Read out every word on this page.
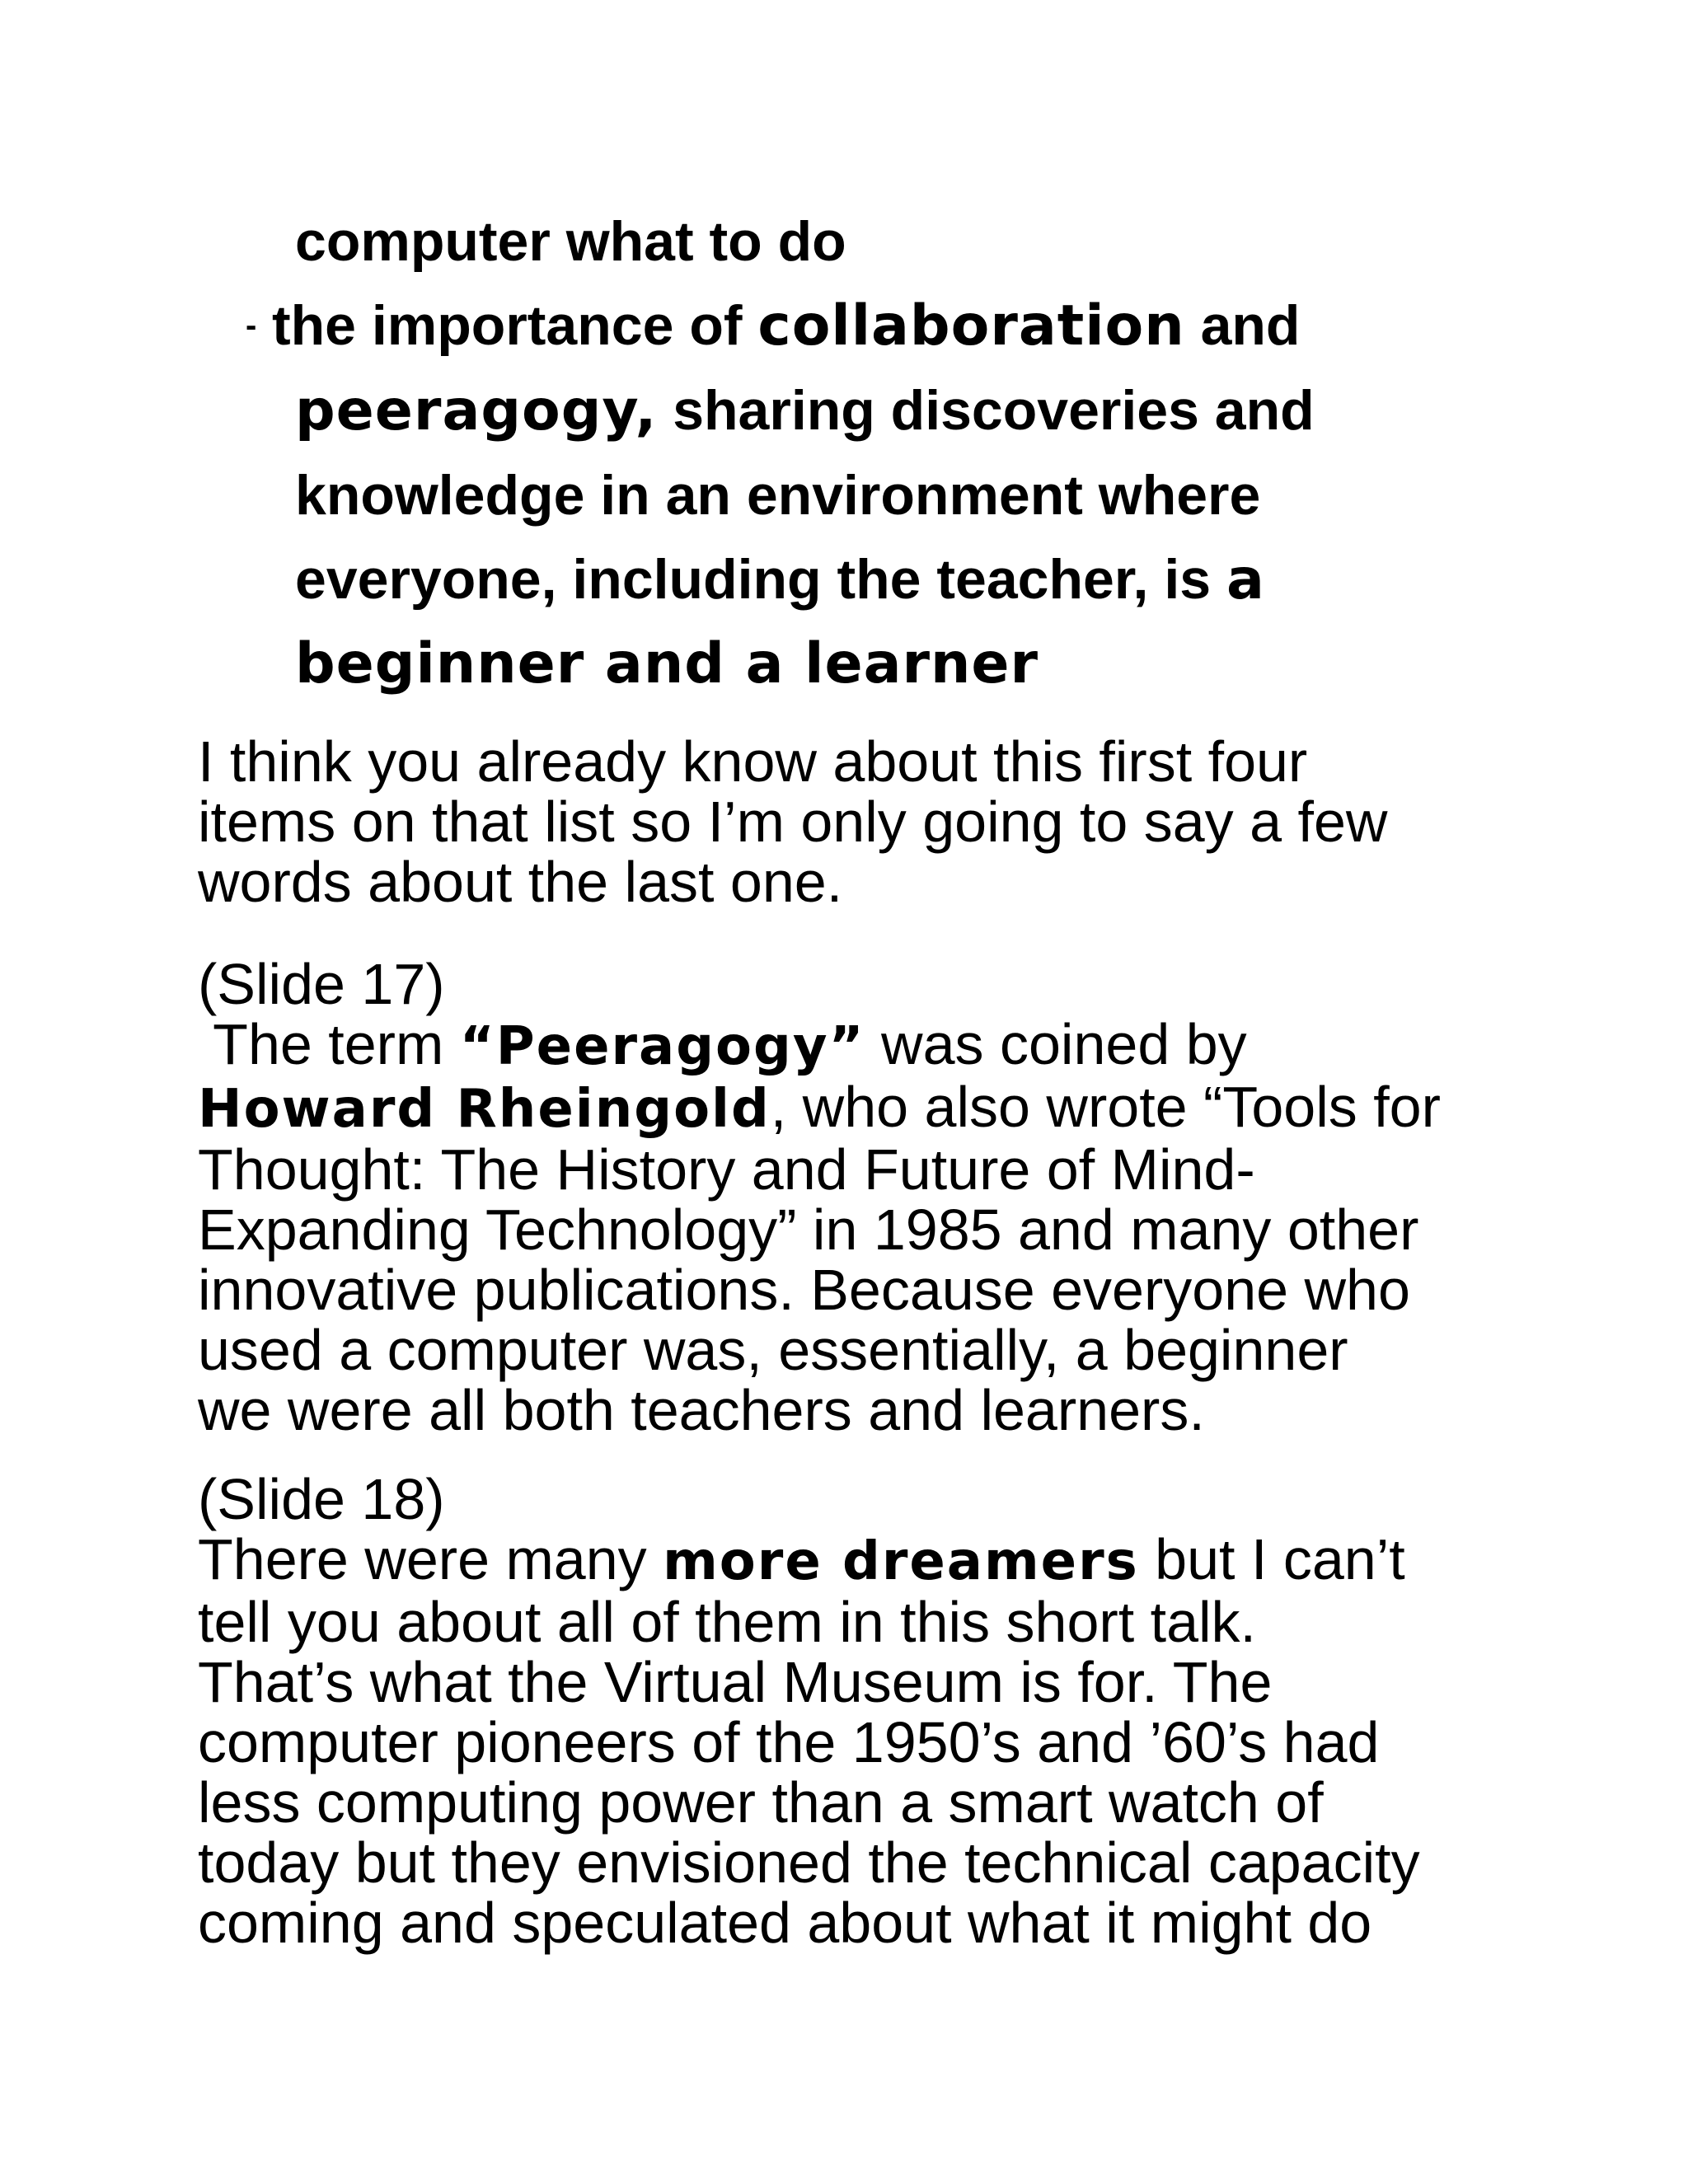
computer what to do
- the importance of collaboration and
peeragogy, sharing discoveries and
knowledge in an environment where
everyone, including the teacher, is a
beginner and a learner
I think you already know about this first four
items on that list so I’m only going to say a few
words about the last one.
(Slide 17)
The term “Peeragogy” was coined by
Howard Rheingold, who also wrote “Tools for
Thought: The History and Future of Mind-
Expanding Technology” in 1985 and many other
innovative publications. Because everyone who
used a computer was, essentially, a beginner
we were all both teachers and learners.
(Slide 18)
There were many more dreamers but I can’t
tell you about all of them in this short talk.
That’s what the Virtual Museum is for. The
computer pioneers of the 1950’s and ’60’s had
less computing power than a smart watch of
today but they envisioned the technical capacity
coming and speculated about what it might do
